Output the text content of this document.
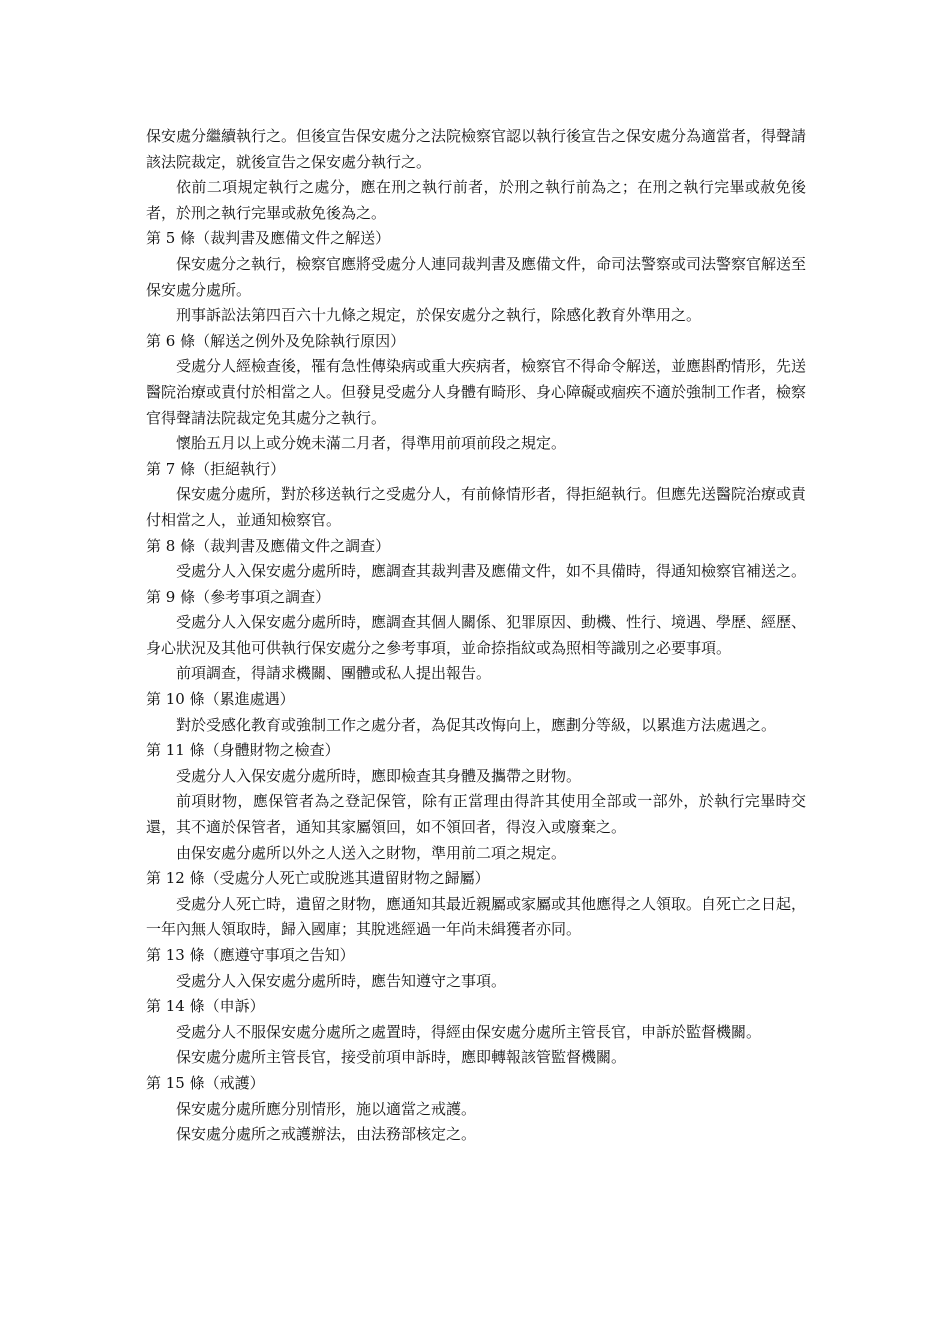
保安處分繼續執行之。但後宣告保安處分之法院檢察官認以執行後宣告之保安處分為適當者，得聲請該法院裁定，就後宣告之保安處分執行之。

依前二項規定執行之處分，應在刑之執行前者，於刑之執行前為之；在刑之執行完畢或赦免後者，於刑之執行完畢或赦免後為之。

第 5 條（裁判書及應備文件之解送）

保安處分之執行，檢察官應將受處分人連同裁判書及應備文件，命司法警察或司法警察官解送至保安處分處所。

刑事訴訟法第四百六十九條之規定，於保安處分之執行，除感化教育外準用之。

第 6 條（解送之例外及免除執行原因）

受處分人經檢查後，罹有急性傳染病或重大疾病者，檢察官不得命令解送，並應斟酌情形，先送醫院治療或責付於相當之人。但發見受處分人身體有畸形、身心障礙或痼疾不適於強制工作者，檢察官得聲請法院裁定免其處分之執行。

懷胎五月以上或分娩未滿二月者，得準用前項前段之規定。

第 7 條（拒絕執行）

保安處分處所，對於移送執行之受處分人，有前條情形者，得拒絕執行。但應先送醫院治療或責付相當之人，並通知檢察官。

第 8 條（裁判書及應備文件之調查）

受處分人入保安處分處所時，應調查其裁判書及應備文件，如不具備時，得通知檢察官補送之。

第 9 條（參考事項之調查）

受處分人入保安處分處所時，應調查其個人關係、犯罪原因、動機、性行、境遇、學歷、經歷、身心狀況及其他可供執行保安處分之參考事項，並命捺指紋或為照相等識別之必要事項。

前項調查，得請求機關、團體或私人提出報告。

第 10 條（累進處遇）

對於受感化教育或強制工作之處分者，為促其改悔向上，應劃分等級，以累進方法處遇之。

第 11 條（身體財物之檢查）

受處分人入保安處分處所時，應即檢查其身體及攜帶之財物。

前項財物，應保管者為之登記保管，除有正當理由得許其使用全部或一部外，於執行完畢時交還，其不適於保管者，通知其家屬領回，如不領回者，得沒入或廢棄之。

由保安處分處所以外之人送入之財物，準用前二項之規定。

第 12 條（受處分人死亡或脫逃其遺留財物之歸屬）

受處分人死亡時，遺留之財物，應通知其最近親屬或家屬或其他應得之人領取。自死亡之日起，一年內無人領取時，歸入國庫；其脫逃經過一年尚未緝獲者亦同。

第 13 條（應遵守事項之告知）

受處分人入保安處分處所時，應告知遵守之事項。

第 14 條（申訴）

受處分人不服保安處分處所之處置時，得經由保安處分處所主管長官，申訴於監督機關。

保安處分處所主管長官，接受前項申訴時，應即轉報該管監督機關。

第 15 條（戒護）

保安處分處所應分別情形，施以適當之戒護。

保安處分處所之戒護辦法，由法務部核定之。
